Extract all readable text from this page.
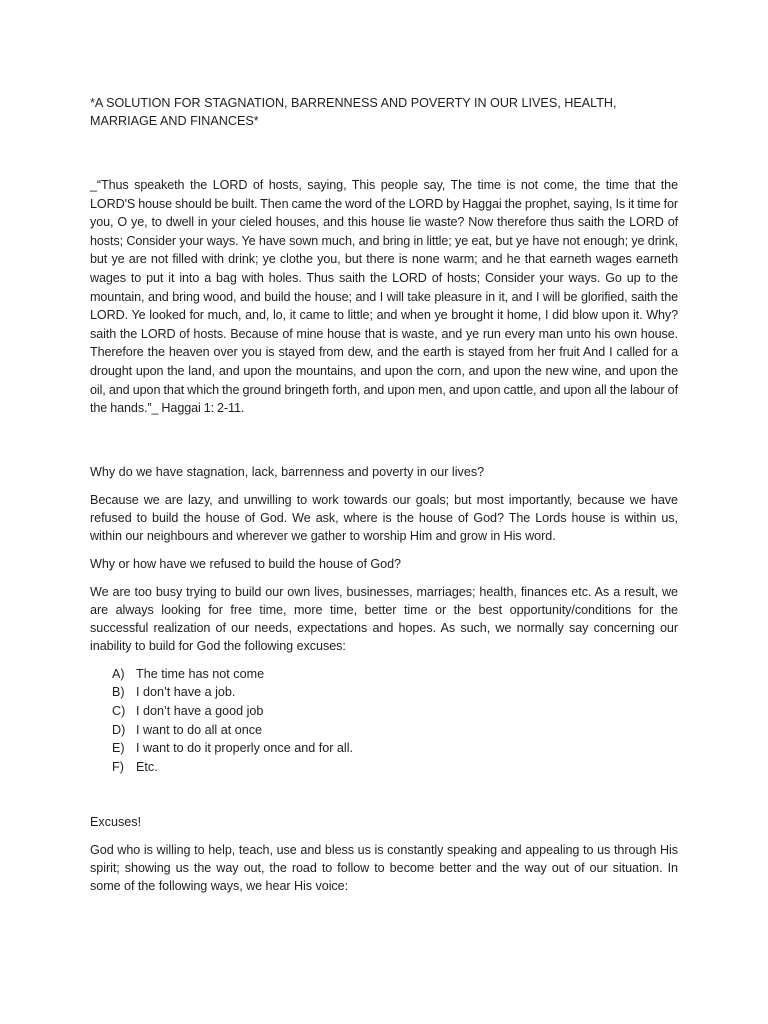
*A SOLUTION FOR STAGNATION, BARRENNESS AND POVERTY IN OUR LIVES, HEALTH, MARRIAGE AND FINANCES*

_“Thus speaketh the LORD of hosts, saying, This people say, The time is not come, the time that the LORD'S house should be built. Then came the word of the LORD by Haggai the prophet, saying, Is it time for you, O ye, to dwell in your cieled houses, and this house lie waste? Now therefore thus saith the LORD of hosts; Consider your ways. Ye have sown much, and bring in little; ye eat, but ye have not enough; ye drink, but ye are not filled with drink; ye clothe you, but there is none warm; and he that earneth wages earneth wages to put it into a bag with holes. Thus saith the LORD of hosts; Consider your ways. Go up to the mountain, and bring wood, and build the house; and I will take pleasure in it, and I will be glorified, saith the LORD. Ye looked for much, and, lo, it came to little; and when ye brought it home, I did blow upon it. Why? saith the LORD of hosts. Because of mine house that is waste, and ye run every man unto his own house. Therefore the heaven over you is stayed from dew, and the earth is stayed from her fruit And I called for a drought upon the land, and upon the mountains, and upon the corn, and upon the new wine, and upon the oil, and upon that which the ground bringeth forth, and upon men, and upon cattle, and upon all the labour of the hands.”_ Haggai 1: 2-11.

Why do we have stagnation, lack, barrenness and poverty in our lives?

Because we are lazy, and unwilling to work towards our goals; but most importantly, because we have refused to build the house of God. We ask, where is the house of God? The Lords house is within us, within our neighbours and wherever we gather to worship Him and grow in His word.

Why or how have we refused to build the house of God?

We are too busy trying to build our own lives, businesses, marriages; health, finances etc. As a result, we are always looking for free time, more time, better time or the best opportunity/conditions for the successful realization of our needs, expectations and hopes. As such, we normally say concerning our inability to build for God the following excuses:

A) The time has not come
B) I don’t have a job.
C) I don’t have a good job
D) I want to do all at once
E) I want to do it properly once and for all.
F) Etc.

Excuses!

God who is willing to help, teach, use and bless us is constantly speaking and appealing to us through His spirit; showing us the way out, the road to follow to become better and the way out of our situation. In some of the following ways, we hear His voice:
